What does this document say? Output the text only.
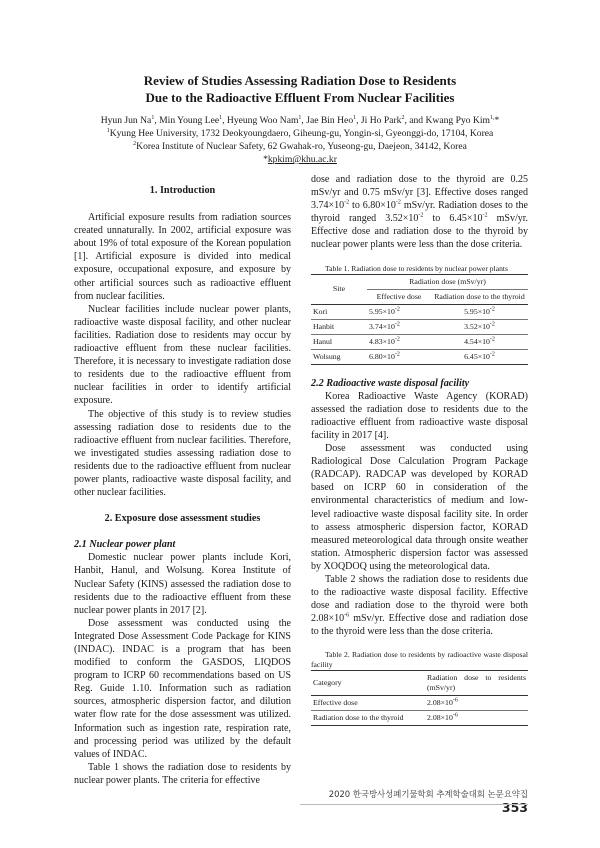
Review of Studies Assessing Radiation Dose to Residents
Due to the Radioactive Effluent From Nuclear Facilities
Hyun Jun Na$^1$, Min Young Lee$^1$, Hyeung Woo Nam$^1$, Jae Bin Heo$^1$, Ji Ho Park$^2$, and Kwang Pyo Kim$^{1,}$*
$^1$Kyung Hee University, 1732 Deokyoungdaero, Giheung-gu, Yongin-si, Gyeonggi-do, 17104, Korea
$^2$Korea Institute of Nuclear Safety, 62 Gwahak-ro, Yuseong-gu, Daejeon, 34142, Korea
*kpkim@khu.ac.kr
1. Introduction

Artificial exposure results from radiation sources created unnaturally. In 2002, artificial exposure was about 19% of total exposure of the Korean population [1]. Artificial exposure is divided into medical exposure, occupational exposure, and exposure by other artificial sources such as radioactive effluent from nuclear facilities.

Nuclear facilities include nuclear power plants, radioactive waste disposal facility, and other nuclear facilities. Radiation dose to residents may occur by radioactive effluent from these nuclear facilities. Therefore, it is necessary to investigate radiation dose to residents due to the radioactive effluent from nuclear facilities in order to identify artificial exposure.

The objective of this study is to review studies assessing radiation dose to residents due to the radioactive effluent from nuclear facilities. Therefore, we investigated studies assessing radiation dose to residents due to the radioactive effluent from nuclear power plants, radioactive waste disposal facility, and other nuclear facilities.

2. Exposure dose assessment studies
2.1 Nuclear power plant

Domestic nuclear power plants include Kori, Hanbit, Hanul, and Wolsung. Korea Institute of Nuclear Safety (KINS) assessed the radiation dose to residents due to the radioactive effluent from these nuclear power plants in 2017 [2].

Dose assessment was conducted using the Integrated Dose Assessment Code Package for KINS (INDAC). INDAC is a program that has been modified to conform the GASDOS, LIQDOS program to ICRP 60 recommendations based on US Reg. Guide 1.10. Information such as radiation sources, atmospheric dispersion factor, and dilution water flow rate for the dose assessment was utilized. Information such as ingestion rate, respiration rate, and processing period was utilized by the default values of INDAC.

Table 1 shows the radiation dose to residents by nuclear power plants. The criteria for effective

dose and radiation dose to the thyroid are 0.25 mSv/yr and 0.75 mSv/yr [3]. Effective doses ranged $3.74\times 10^{-2}$ to $6.80\times 10^{-2}$ mSv/yr. Radiation doses to the thyroid ranged $3.52\times 10^{-2}$ to $6.45\times 10^{-2}$ mSv/yr. Effective dose and radiation dose to the thyroid by nuclear power plants were less than the dose criteria.

Table 1. Radiation dose to residents by nuclear power plants

Site	Radiation dose (mSv/yr)	
	Effective dose	Radiation dose to the thyroid
Kori	$5.95\times 10^{-2}$	$5.95\times 10^{-2}$
Hanbit	$3.74\times 10^{-2}$	$3.52\times 10^{-2}$
Hanul	$4.83\times 10^{-2}$	$4.54\times 10^{-2}$
Wolsung	$6.80\times 10^{-2}$	$6.45\times 10^{-2}$
2.2 Radioactive waste disposal facility

Korea Radioactive Waste Agency (KORAD) assessed the radiation dose to residents due to the radioactive effluent from radioactive waste disposal facility in 2017 [4].

Dose assessment was conducted using Radiological Dose Calculation Program Package (RADCAP). RADCAP was developed by KORAD based on ICRP 60 in consideration of the environmental characteristics of medium and low-level radioactive waste disposal facility site. In order to assess atmospheric dispersion factor, KORAD measured meteorological data through onsite weather station. Atmospheric dispersion factor was assessed by XOQDOQ using the meteorological data.

Table 2 shows the radiation dose to residents due to the radioactive waste disposal facility. Effective dose and radiation dose to the thyroid were both $2.08\times 10^{-6}$ mSv/yr. Effective dose and radiation dose to the thyroid were less than the dose criteria.

Table 2. Radiation dose to residents by radioactive waste disposal facility

Category	Radiation dose to residents (mSv/yr)
Effective dose	$2.08\times 10^{-6}$
Radiation dose to the thyroid	$2.08\times 10^{-6}$
2020 한국방사성폐기물학회 추계학술대회 논문요약집353
